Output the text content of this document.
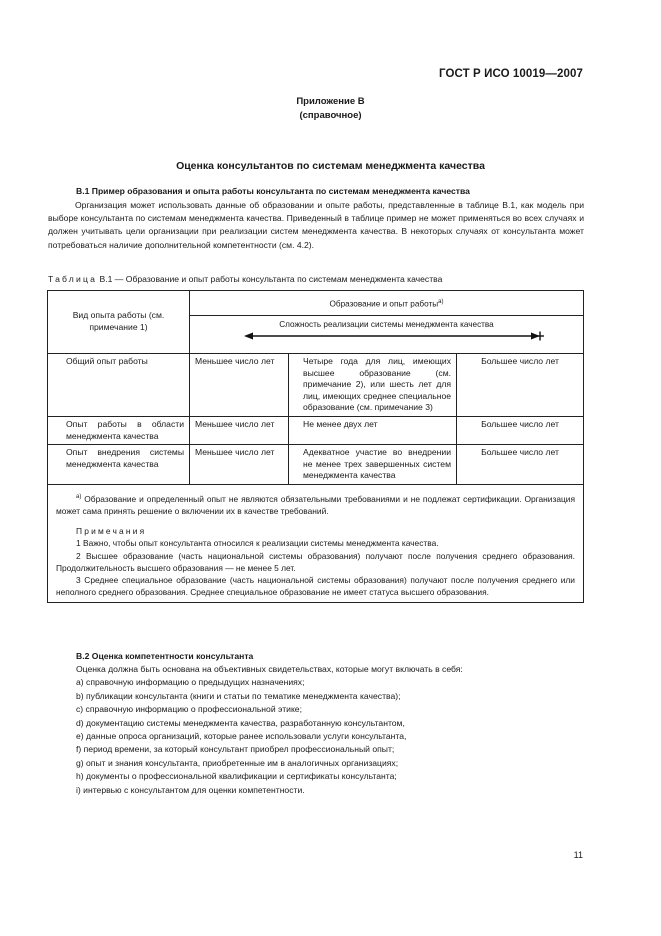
ГОСТ Р ИСО 10019—2007
Приложение В
(справочное)
Оценка консультантов по системам менеджмента качества
В.1 Пример образования и опыта работы консультанта по системам менеджмента качества
Организация может использовать данные об образовании и опыте работы, представленные в таблице В.1, как модель при выборе консультанта по системам менеджмента качества. Приведенный в таблице пример не может применяться во всех случаях и должен учитывать цели организации при реализации систем менеджмента качества. В некоторых случаях от консультанта может потребоваться наличие дополнительной компетентности (см. 4.2).
Таблица В.1 — Образование и опыт работы консультанта по системам менеджмента качества
Вид опыта работы (см. примечание 1)	Образование и опыт работы$^{а)}$

	Сложность реализации системы менеджмента качества		

Общий опыт работы	Меньшее число лет	Четыре года для лиц, имеющих высшее образование (см. примечание 2), или шесть лет для лиц, имеющих среднее специальное образование (см. примечание 3)	Большее число лет
Опыт работы в области менеджмента качества	Меньшее число лет	Не менее двух лет	Большее число лет
Опыт внедрения системы менеджмента качества	Меньшее число лет	Адекватное участие во внедрении не менее трех завершенных систем менеджмента качества	Большее число лет

$^{а)}$ Образование и определенный опыт не являются обязательными требованиями и не подлежат сертификации. Организация может сама принять решение о включении их в качестве требований.

Примечания

1 Важно, чтобы опыт консультанта относился к реализации системы менеджмента качества.

2 Высшее образование (часть национальной системы образования) получают после получения среднего образования. Продолжительность высшего образования — не менее 5 лет.

3 Среднее специальное образование (часть национальной системы образования) получают после получения среднего или неполного среднего образования. Среднее специальное образование не имеет статуса высшего образования.			

В.2 Оценка компетентности консультанта
Оценка должна быть основана на объективных свидетельствах, которые могут включать в себя:
a) справочную информацию о предыдущих назначениях;
b) публикации консультанта (книги и статьи по тематике менеджмента качества);
c) справочную информацию о профессиональной этике;
d) документацию системы менеджмента качества, разработанную консультантом,
e) данные опроса организаций, которые ранее использовали услуги консультанта,
f) период времени, за который консультант приобрел профессиональный опыт;
g) опыт и знания консультанта, приобретенные им в аналогичных организациях;
h) документы о профессиональной квалификации и сертификаты консультанта;
i) интервью с консультантом для оценки компетентности.
11
